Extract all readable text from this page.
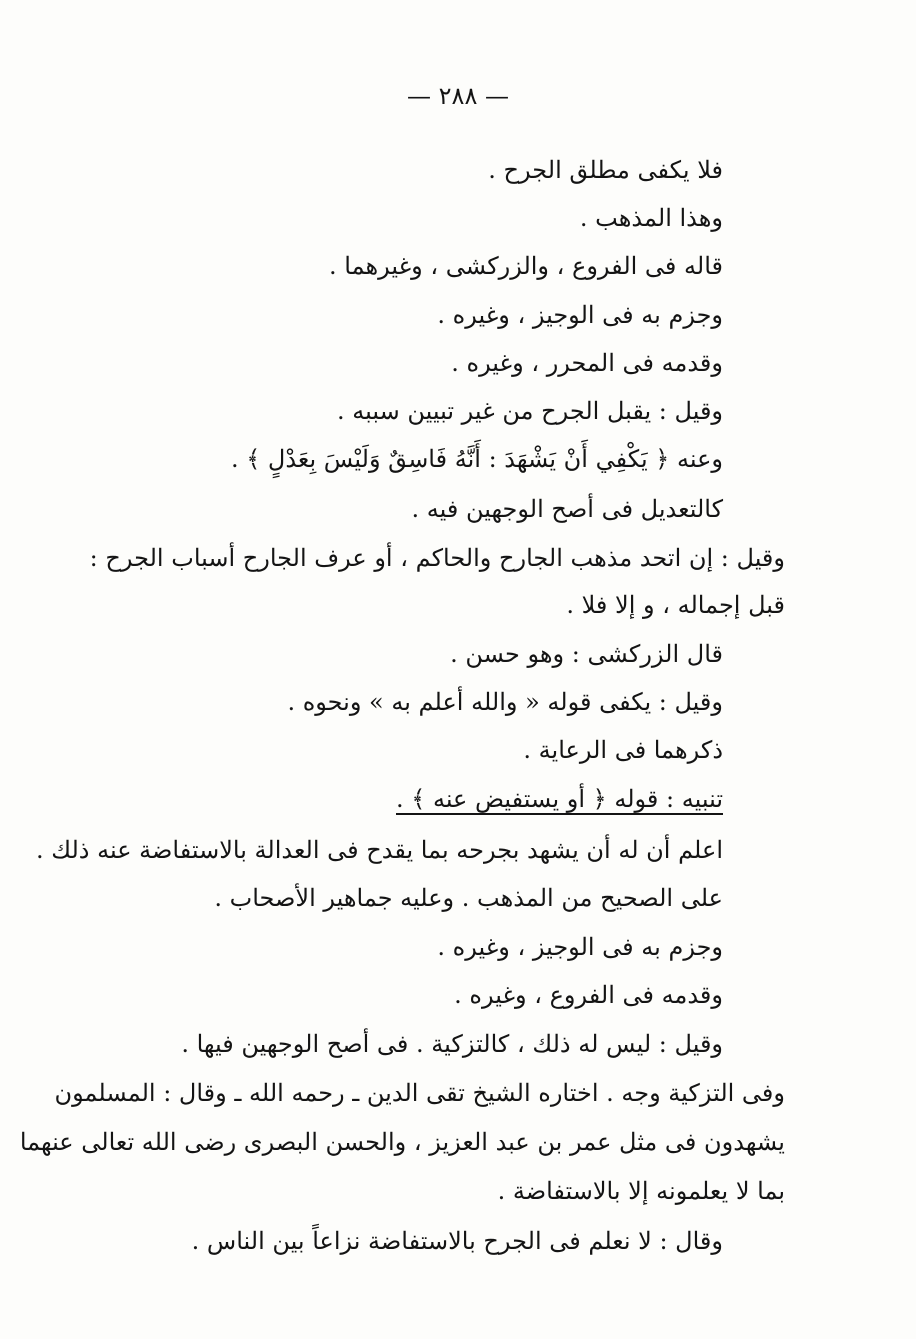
— ٢٨٨ —
فلا يكفى مطلق الجرح .
وهذا المذهب .
قاله فى الفروع ، والزركشى ، وغيرهما .
وجزم به فى الوجيز ، وغيره .
وقدمه فى المحرر ، وغيره .
وقيل : يقبل الجرح من غير تبيين سببه .
وعنه ﴿ يَكْفِي أَنْ يَشْهَدَ : أَنَّهُ فَاسِقٌ وَلَيْسَ بِعَدْلٍ ﴾ .
كالتعديل فى أصح الوجهين فيه .
وقيل : إن اتحد مذهب الجارح والحاكم ، أو عرف الجارح أسباب الجرح :
قبل إجماله ، و إلا فلا .
قال الزركشى : وهو حسن .
وقيل : يكفى قوله « والله أعلم به » ونحوه .
ذكرهما فى الرعاية .
تنبيه : قوله ﴿ أو يستفيض عنه ﴾ .
اعلم أن له أن يشهد بجرحه بما يقدح فى العدالة بالاستفاضة عنه ذلك .
على الصحيح من المذهب . وعليه جماهير الأصحاب .
وجزم به فى الوجيز ، وغيره .
وقدمه فى الفروع ، وغيره .
وقيل : ليس له ذلك ، كالتزكية . فى أصح الوجهين فيها .
وفى التزكية وجه . اختاره الشيخ تقى الدين ـ رحمه الله ـ وقال : المسلمون
يشهدون فى مثل عمر بن عبد العزيز ، والحسن البصرى رضى الله تعالى عنهما
بما لا يعلمونه إلا بالاستفاضة .
وقال : لا نعلم فى الجرح بالاستفاضة نزاعاً بين الناس .
